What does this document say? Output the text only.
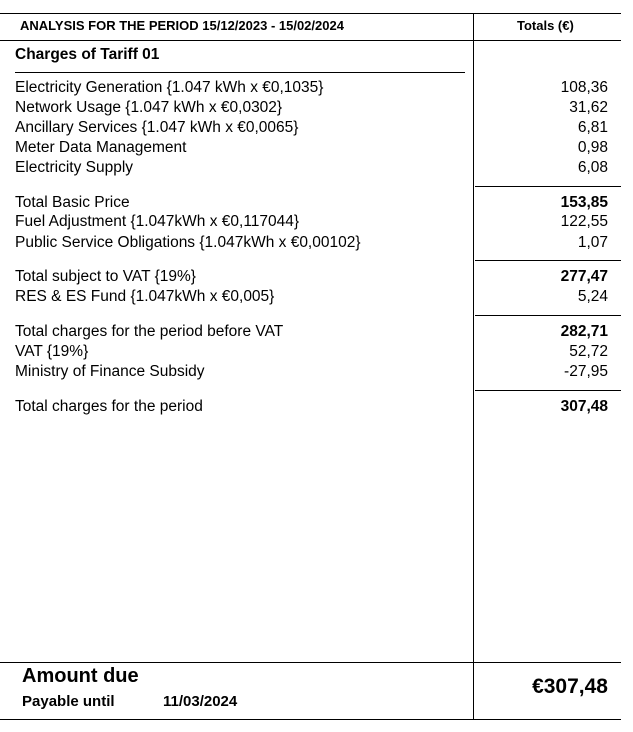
ANALYSIS FOR THE PERIOD 15/12/2023 - 15/02/2024	Totals (€)
Charges of Tariff 01
Electricity Generation {1.047 kWh x €0,1035}	108,36
Network Usage {1.047 kWh x €0,0302}	31,62
Ancillary Services {1.047 kWh x €0,0065}	6,81
Meter Data Management	0,98
Electricity Supply	6,08
Total Basic Price	153,85
Fuel Adjustment {1.047kWh x €0,117044}	122,55
Public Service Obligations {1.047kWh x €0,00102}	1,07
Total subject to VAT {19%}	277,47
RES & ES Fund {1.047kWh x €0,005}	5,24
Total charges for the period before VAT	282,71
VAT {19%}	52,72
Ministry of Finance Subsidy	-27,95
Total charges for the period	307,48
Amount due
Payable until	11/03/2024
€307,48
